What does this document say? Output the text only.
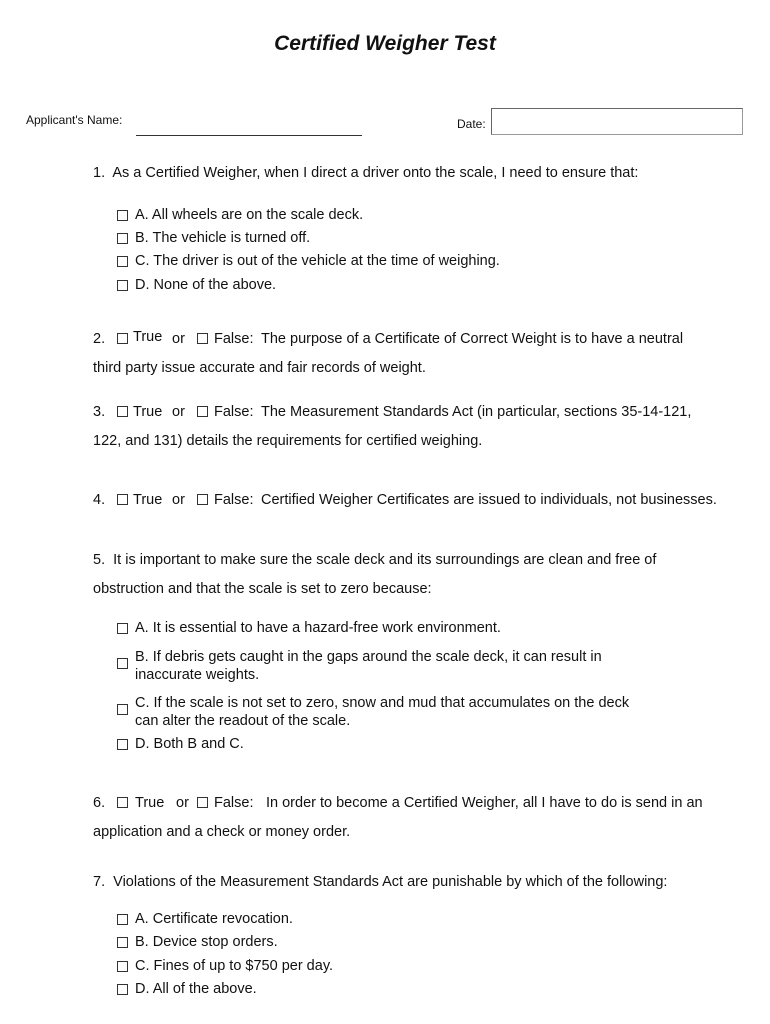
Certified Weigher Test
Applicant's Name:	Date:
1. As a Certified Weigher, when I direct a driver onto the scale, I need to ensure that:
A. All wheels are on the scale deck.
B. The vehicle is turned off.
C. The driver is out of the vehicle at the time of weighing.
D. None of the above.
2. True or False: The purpose of a Certificate of Correct Weight is to have a neutral
third party issue accurate and fair records of weight.
3. True or False: The Measurement Standards Act (in particular, sections 35-14-121,
122, and 131) details the requirements for certified weighing.
4. True or False: Certified Weigher Certificates are issued to individuals, not businesses.
5. It is important to make sure the scale deck and its surroundings are clean and free of
obstruction and that the scale is set to zero because:
A. It is essential to have a hazard-free work environment.
B. If debris gets caught in the gaps around the scale deck, it can result in
inaccurate weights.
C. If the scale is not set to zero, snow and mud that accumulates on the deck
can alter the readout of the scale.
D. Both B and C.
6. True or False: In order to become a Certified Weigher, all I have to do is send in an
application and a check or money order.
7. Violations of the Measurement Standards Act are punishable by which of the following:
A. Certificate revocation.
B. Device stop orders.
C. Fines of up to $750 per day.
D. All of the above.
